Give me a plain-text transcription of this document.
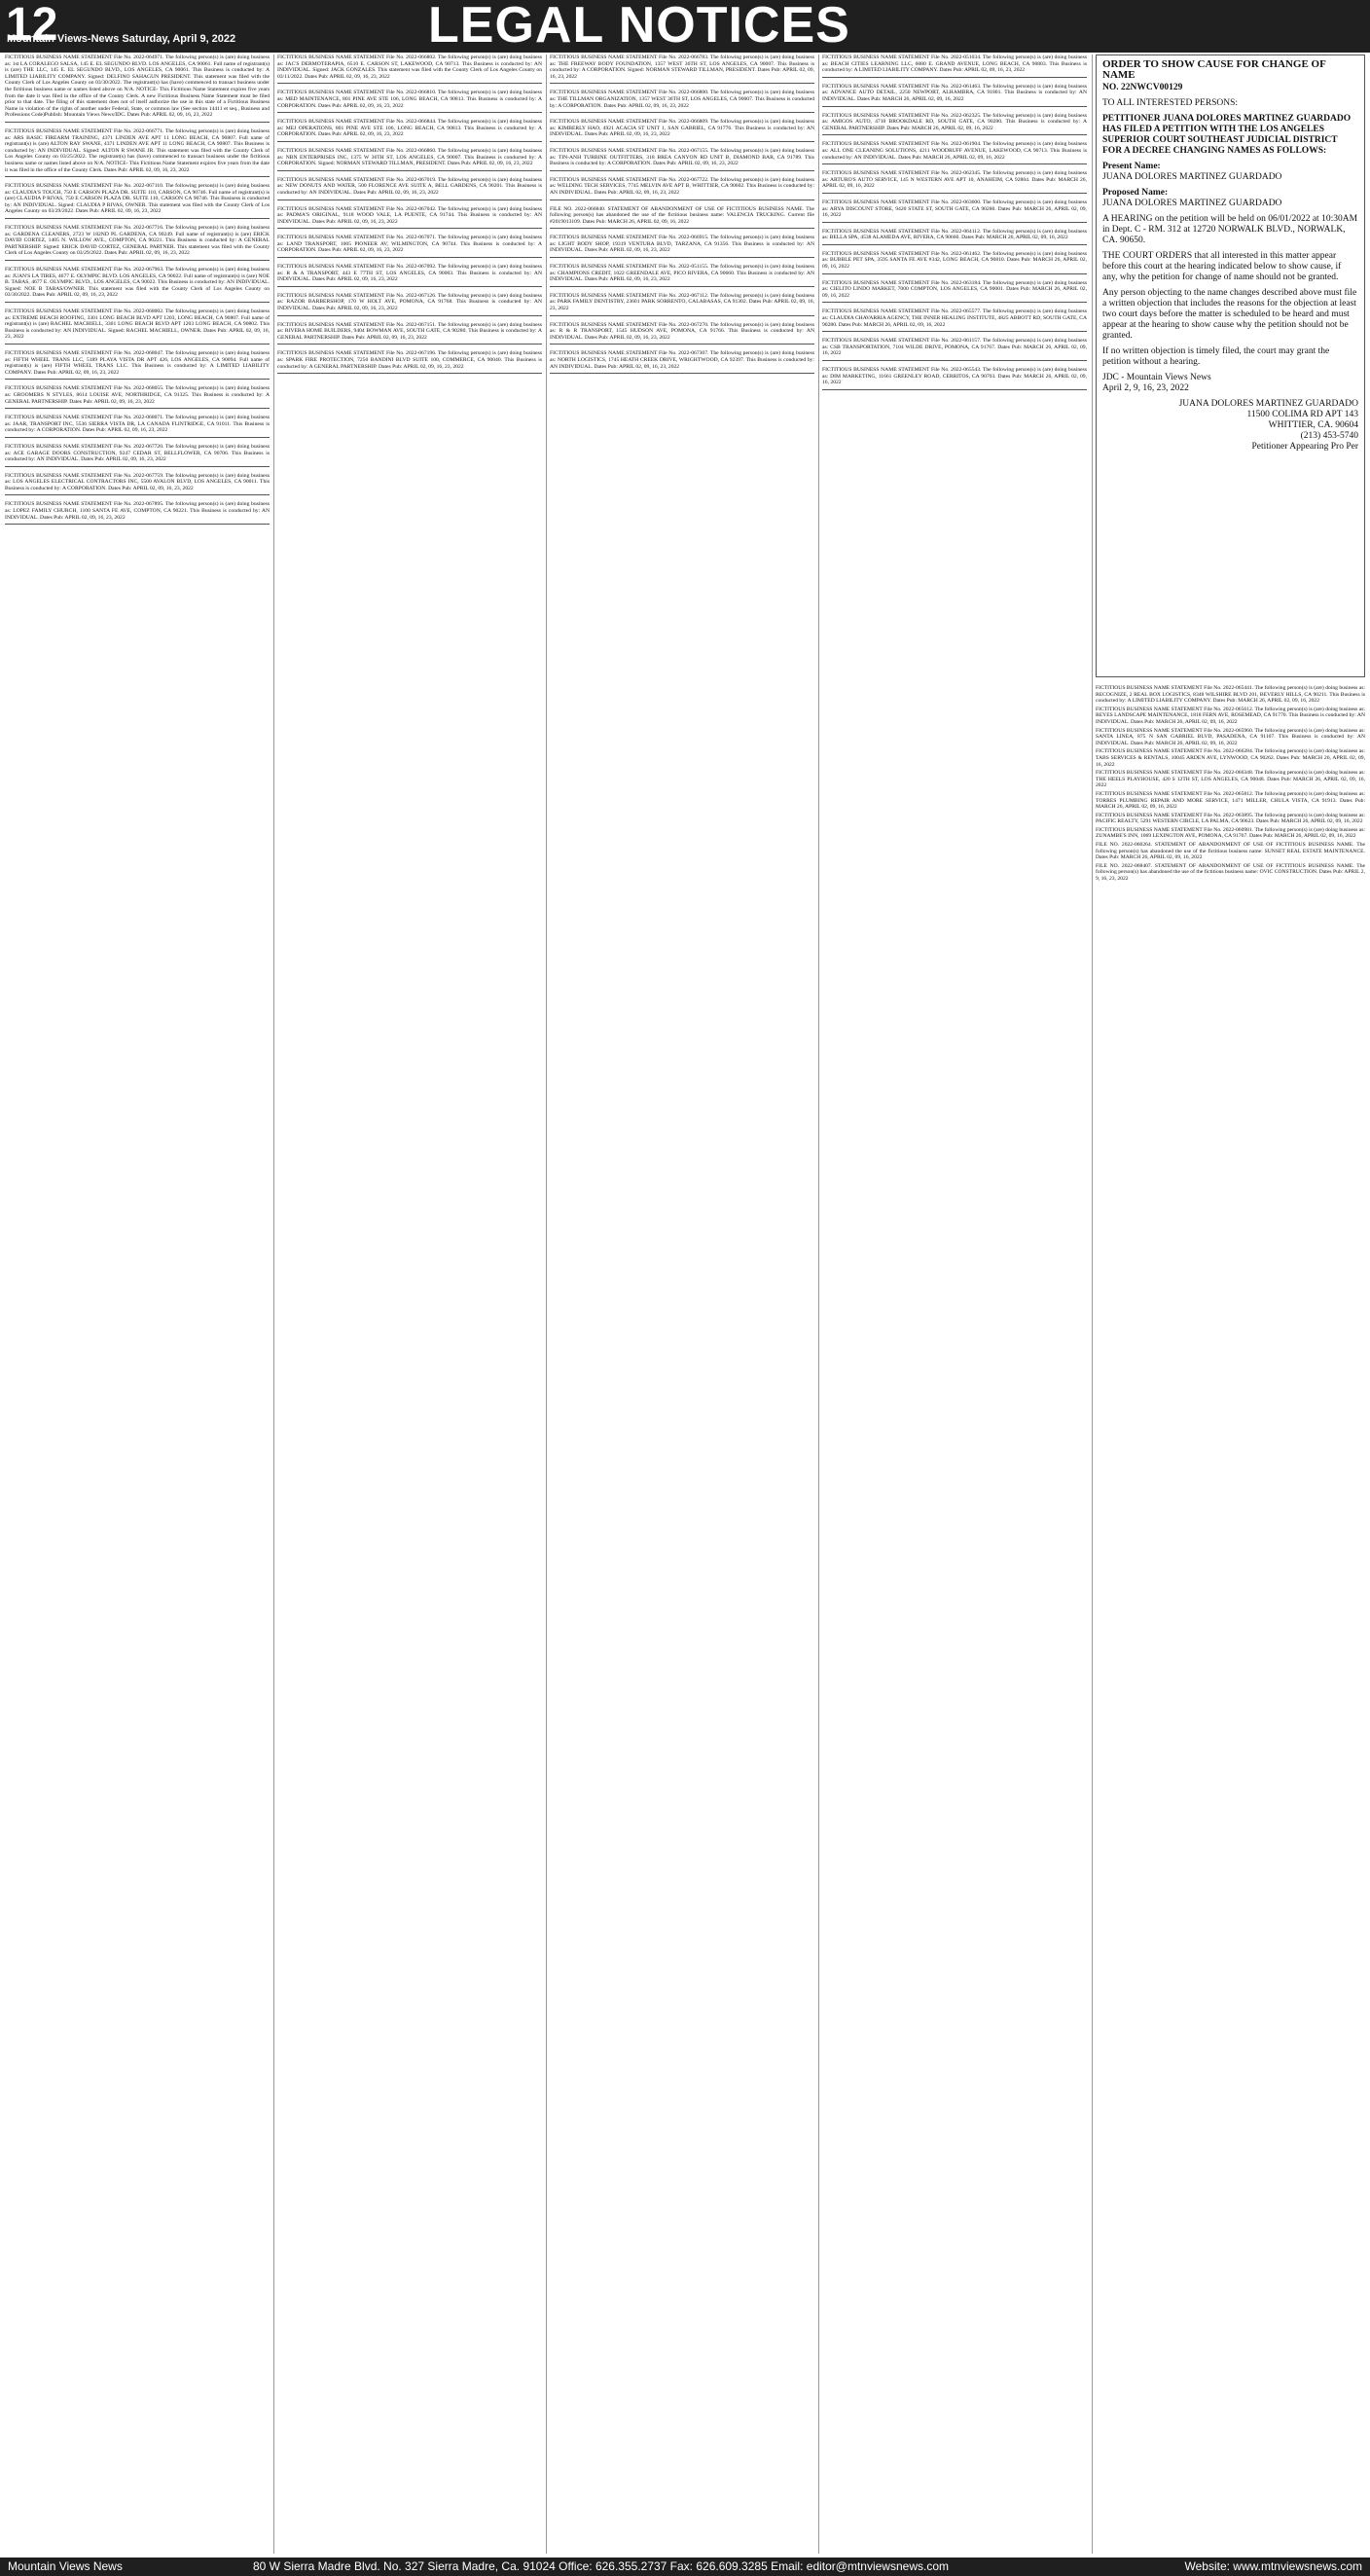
12
Mountain Views-News Saturday, April 9, 2022	LEGAL NOTICES

FICTITIOUS BUSINESS NAME STATEMENT File No. 2022-064971. The following person(s) is (are) doing business as: 1st LA CORALEGO SALSA, 145 E. EL SEGUNDO BLVD. LOS ANGELES, CA 90061. Full name of registrant(s) is (are) THE LLC, 145 E. EL SEGUNDO BLVD., LOS ANGELES, CA 90061. This Business is conducted by: A LIMITED LIABILITY COMPANY. Signed: DELFINO SAHAGUN PRESIDENT. This statement was filed with the County Clerk of Los Angeles County on 03/30/2022. The registrant(s) has (have) commenced to transact business under the fictitious business name or names listed above on N/A. NOTICE- This Fictitious Name Statement expires five years from the date it was filed in the office of the County Clerk. A new Fictitious Business Name Statement must be filed prior to that date. The filing of this statement does not of itself authorize the use in this state of a Fictitious Business Name in violation of the rights of another under Federal, State, or common law (See section 14411 et seq., Business and Professions Code)Publish: Mountain Views News/IDC. Dates Pub: APRIL 02, 09, 16, 23, 2022

FICTITIOUS BUSINESS NAME STATEMENT File No. 2022-066771. The following person(s) is (are) doing business as: ARS BASIC FIREARM TRAINING, 4371 LINDEN AVE APT 11 LONG BEACH, CA 90807. Full name of registrant(s) is (are) ALTON RAY SWANE, 4371 LINDEN AVE APT 11 LONG BEACH, CA 90807. This Business is conducted by: AN INDIVIDUAL. Signed: ALTON R SWANE JR. This statement was filed with the County Clerk of Los Angeles County on 03/25/2022. The registrant(s) has (have) commenced to transact business under the fictitious business name or names listed above on N/A. NOTICE- This Fictitious Name Statement expires five years from the date it was filed in the office of the County Clerk. Dates Pub: APRIL 02, 09, 16, 23, 2022

FICTITIOUS BUSINESS NAME STATEMENT File No. 2022-067110. The following person(s) is (are) doing business as: CLAUDIA'S TOUCH, 750 E CARSON PLAZA DR. SUITE 110, CARSON, CA 90746. Full name of registrant(s) is (are) CLAUDIA P RIVAS, 750 E CARSON PLAZA DR. SUITE 110, CARSON CA 90746. This Business is conducted by: AN INDIVIDUAL. Signed: CLAUDIA P RIVAS, OWNER. This statement was filed with the County Clerk of Los Angeles County on 03/29/2022. Dates Pub: APRIL 02, 09, 16, 23, 2022

FICTITIOUS BUSINESS NAME STATEMENT File No. 2022-067716. The following person(s) is (are) doing business as: GARDENA CLEANERS, 2723 W 182ND PL GARDENA, CA 90249. Full name of registrant(s) is (are) ERICK DAVID CORTEZ, 1405 N. WILLOW AVE., COMPTON, CA 90221. This Business is conducted by: A GENERAL PARTNERSHIP. Signed: ERICK DAVID CORTEZ, GENERAL PARTNER. This statement was filed with the County Clerk of Los Angeles County on 03/29/2022. Dates Pub: APRIL 02, 09, 16, 23, 2022

FICTITIOUS BUSINESS NAME STATEMENT File No. 2022-067963. The following person(s) is (are) doing business as: JUAN'S LA TIRES, 4677 E. OLYMPIC BLVD. LOS ANGELES, CA 90022. Full name of registrant(s) is (are) NOE B. TABAS, 4677 E. OLYMPIC BLVD., LOS ANGELES, CA 90022. This Business is conducted by: AN INDIVIDUAL. Signed: NOE B TABAS/OWNER. This statement was filed with the County Clerk of Los Angeles County on 03/30/2022. Dates Pub: APRIL 02, 09, 16, 23, 2022

FICTITIOUS BUSINESS NAME STATEMENT File No. 2022-068002. The following person(s) is (are) doing business as: EXTREME BEACH ROOFING, 3301 LONG BEACH BLVD APT 1203, LONG BEACH, CA 90807. Full name of registrant(s) is (are) RACHEL MACHIELL, 3301 LONG BEACH BLVD APT 1203 LONG BEACH, CA 90802. This Business is conducted by: AN INDIVIDUAL. Signed: RACHEL MACHIELL, OWNER. Dates Pub: APRIL 02, 09, 16, 23, 2022

FICTITIOUS BUSINESS NAME STATEMENT File No. 2022-068047. The following person(s) is (are) doing business as: FIFTH WHEEL TRANS LLC, 5189 PLAYA VISTA DR APT 426, LOS ANGELES, CA 90094. Full name of registrant(s) is (are) FIFTH WHEEL TRANS LLC. This Business is conducted by: A LIMITED LIABILITY COMPANY. Dates Pub: APRIL 02, 09, 16, 23, 2022

FICTITIOUS BUSINESS NAME STATEMENT File No. 2022-068055. The following person(s) is (are) doing business as: GROOMERS N STYLES, 8614 LOUISE AVE, NORTHRIDGE, CA 91325. This Business is conducted by: A GENERAL PARTNERSHIP. Dates Pub: APRIL 02, 09, 16, 23, 2022

FICTITIOUS BUSINESS NAME STATEMENT File No. 2022-068071. The following person(s) is (are) doing business as: JAAR, TRANSPORT INC, 5536 SIERRA VISTA DR, LA CANADA FLINTRIDGE, CA 91011. This Business is conducted by: A CORPORATION. Dates Pub: APRIL 02, 09, 16, 23, 2022

FICTITIOUS BUSINESS NAME STATEMENT File No. 2022-067720. The following person(s) is (are) doing business as: ACE GARAGE DOORS CONSTRUCTION, 9247 CEDAR ST, BELLFLOWER, CA 90706. This Business is conducted by: AN INDIVIDUAL. Dates Pub: APRIL 02, 09, 16, 23, 2022

FICTITIOUS BUSINESS NAME STATEMENT File No. 2022-067759. The following person(s) is (are) doing business as: LOS ANGELES ELECTRICAL CONTRACTORS INC, 5500 AVALON BLVD, LOS ANGELES, CA 90011. This Business is conducted by: A CORPORATION. Dates Pub: APRIL 02, 09, 16, 23, 2022

FICTITIOUS BUSINESS NAME STATEMENT File No. 2022-067895. The following person(s) is (are) doing business as: LOPEZ FAMILY CHURCH, 1100 SANTA FE AVE, COMPTON, CA 90221. This Business is conducted by: AN INDIVIDUAL. Dates Pub: APRIL 02, 09, 16, 23, 2022

FICTITIOUS BUSINESS NAME STATEMENT File No. 2022-066802. The following person(s) is (are) doing business as: JAC'S DERMOTERAPIA, 6510 E. CARSON ST, LAKEWOOD, CA 90713. This Business is conducted by: AN INDIVIDUAL. Signed: JACK GONZALES. This statement was filed with the County Clerk of Los Angeles County on 03/11/2022. Dates Pub: APRIL 02, 09, 16, 23, 2022

FICTITIOUS BUSINESS NAME STATEMENT File No. 2022-066810. The following person(s) is (are) doing business as: MED MAINTENANCE, 801 PINE AVE STE 106, LONG BEACH, CA 90813. This Business is conducted by: A CORPORATION. Dates Pub: APRIL 02, 09, 16, 23, 2022

FICTITIOUS BUSINESS NAME STATEMENT File No. 2022-066844. The following person(s) is (are) doing business as: MEJ OPERATIONS, 801 PINE AVE STE 106, LONG BEACH, CA 90813. This Business is conducted by: A CORPORATION. Dates Pub: APRIL 02, 09, 16, 23, 2022

FICTITIOUS BUSINESS NAME STATEMENT File No. 2022-066860. The following person(s) is (are) doing business as: NBN ENTERPRISES INC, 1375 W 36TH ST, LOS ANGELES, CA 90007. This Business is conducted by: A CORPORATION. Signed: NORMAN STEWARD TILLMAN, PRESIDENT. Dates Pub: APRIL 02, 09, 16, 23, 2022

FICTITIOUS BUSINESS NAME STATEMENT File No. 2022-067019. The following person(s) is (are) doing business as: NEW DONUTS AND WATER, 500 FLORENCE AVE SUITE A, BELL GARDENS, CA 90201. This Business is conducted by: AN INDIVIDUAL. Dates Pub: APRIL 02, 09, 16, 23, 2022

FICTITIOUS BUSINESS NAME STATEMENT File No. 2022-067042. The following person(s) is (are) doing business as: PADMA'S ORIGINAL, 9118 WOOD VALE, LA PUENTE, CA 91744. This Business is conducted by: AN INDIVIDUAL. Dates Pub: APRIL 02, 09, 16, 23, 2022

FICTITIOUS BUSINESS NAME STATEMENT File No. 2022-067071. The following person(s) is (are) doing business as: LAND TRANSPORT, 1005 PIONEER AV, WILMINGTON, CA 90744. This Business is conducted by: A CORPORATION. Dates Pub: APRIL 02, 09, 16, 23, 2022

FICTITIOUS BUSINESS NAME STATEMENT File No. 2022-067092. The following person(s) is (are) doing business as: R & A TRANSPORT, 443 E 77TH ST, LOS ANGELES, CA 90003. This Business is conducted by: AN INDIVIDUAL. Dates Pub: APRIL 02, 09, 16, 23, 2022

FICTITIOUS BUSINESS NAME STATEMENT File No. 2022-067126. The following person(s) is (are) doing business as: RAZOR BARBERSHOP, 170 W HOLT AVE, POMONA, CA 91768. This Business is conducted by: AN INDIVIDUAL. Dates Pub: APRIL 02, 09, 16, 23, 2022

FICTITIOUS BUSINESS NAME STATEMENT File No. 2022-067151. The following person(s) is (are) doing business as: RIVERA HOME BUILDERS, 9404 BOWMAN AVE, SOUTH GATE, CA 90280. This Business is conducted by: A GENERAL PARTNERSHIP. Dates Pub: APRIL 02, 09, 16, 23, 2022

FICTITIOUS BUSINESS NAME STATEMENT File No. 2022-067196. The following person(s) is (are) doing business as: SPARK FIRE PROTECTION, 7250 BANDINI BLVD SUITE 100, COMMERCE, CA 90040. This Business is conducted by: A GENERAL PARTNERSHIP. Dates Pub: APRIL 02, 09, 16, 23, 2022

FICTITIOUS BUSINESS NAME STATEMENT File No. 2022-066783. The following person(s) is (are) doing business as: THE FREEWAY BODY FOUNDATION, 1357 WEST 36TH ST, LOS ANGELES, CA 90007. This Business is conducted by: A CORPORATION. Signed: NORMAN STEWARD TILLMAN, PRESIDENT. Dates Pub: APRIL 02, 09, 16, 23, 2022

FICTITIOUS BUSINESS NAME STATEMENT File No. 2022-066800. The following person(s) is (are) doing business as: THE TILLMAN ORGANIZATION, 1357 WEST 36TH ST, LOS ANGELES, CA 90007. This Business is conducted by: A CORPORATION. Dates Pub: APRIL 02, 09, 16, 23, 2022

FICTITIOUS BUSINESS NAME STATEMENT File No. 2022-066809. The following person(s) is (are) doing business as: KIMBERLY HAO, 4921 ACACIA ST UNIT 1, SAN GABRIEL, CA 91776. This Business is conducted by: AN INDIVIDUAL. Dates Pub: APRIL 02, 09, 16, 23, 2022

FICTITIOUS BUSINESS NAME STATEMENT File No. 2022-067155. The following person(s) is (are) doing business as: TIN-ANH TURBINE OUTFITTERS, 318 BREA CANYON RD UNIT B, DIAMOND BAR, CA 91789. This Business is conducted by: A CORPORATION. Dates Pub: APRIL 02, 09, 16, 23, 2022

FICTITIOUS BUSINESS NAME STATEMENT File No. 2022-067722. The following person(s) is (are) doing business as: WELDING TECH SERVICES, 7745 MELVIN AVE APT B, WHITTIER, CA 90602. This Business is conducted by: AN INDIVIDUAL. Dates Pub: APRIL 02, 09, 16, 23, 2022

FILE NO. 2022-066840. STATEMENT OF ABANDONMENT OF USE OF FICTITIOUS BUSINESS NAME. The following person(s) has abandoned the use of the fictitious business name: VALENCIA TRUCKING. Current file #2019013109. Dates Pub: MARCH 26, APRIL 02, 09, 16, 2022

FICTITIOUS BUSINESS NAME STATEMENT File No. 2022-066915. The following person(s) is (are) doing business as: LIGHT BODY SHOP, 19319 VENTURA BLVD, TARZANA, CA 91356. This Business is conducted by: AN INDIVIDUAL. Dates Pub: APRIL 02, 09, 16, 23, 2022

FICTITIOUS BUSINESS NAME STATEMENT File No. 2022-051155. The following person(s) is (are) doing business as: CHAMPIONS CREDIT, 1022 GREENDALE AVE, PICO RIVERA, CA 90660. This Business is conducted by: AN INDIVIDUAL. Dates Pub: APRIL 02, 09, 16, 23, 2022

FICTITIOUS BUSINESS NAME STATEMENT File No. 2022-067112. The following person(s) is (are) doing business as: PARK FAMILY DENTISTRY, 23601 PARK SORRENTO, CALABASAS, CA 91302. Dates Pub: APRIL 02, 09, 16, 23, 2022

FICTITIOUS BUSINESS NAME STATEMENT File No. 2022-067270. The following person(s) is (are) doing business as: R & R TRANSPORT, 1545 HUDSON AVE, POMONA, CA 91766. This Business is conducted by: AN INDIVIDUAL. Dates Pub: APRIL 02, 09, 16, 23, 2022

FICTITIOUS BUSINESS NAME STATEMENT File No. 2022-067307. The following person(s) is (are) doing business as: NORTH LOGISTICS, 1745 HEATH CREEK DRIVE, WRIGHTWOOD, CA 92397. This Business is conducted by: AN INDIVIDUAL. Dates Pub: APRIL 02, 09, 16, 23, 2022

FICTITIOUS BUSINESS NAME STATEMENT File No. 2022-051034. The following person(s) is (are) doing business as: BEACH CITIES LEARNING LLC, 6080 E. GRAND AVENUE, LONG BEACH, CA 90803. This Business is conducted by: A LIMITED LIABILITY COMPANY. Dates Pub: APRIL 02, 09, 16, 23, 2022

FICTITIOUS BUSINESS NAME STATEMENT File No. 2022-061463. The following person(s) is (are) doing business as: ADVANCE AUTO DETAIL, 2250 NEWPORT, ALHAMBRA, CA 91801. This Business is conducted by: AN INDIVIDUAL. Dates Pub: MARCH 26, APRIL 02, 09, 16, 2022

FICTITIOUS BUSINESS NAME STATEMENT File No. 2022-062325. The following person(s) is (are) doing business as: AMIGOS AUTO, 4710 BROOKDALE RD, SOUTH GATE, CA 90280. This Business is conducted by: A GENERAL PARTNERSHIP. Dates Pub: MARCH 26, APRIL 02, 09, 16, 2022

FICTITIOUS BUSINESS NAME STATEMENT File No. 2022-061904. The following person(s) is (are) doing business as: ALL ONE CLEANING SOLUTIONS, 4211 WOODRUFF AVENUE, LAKEWOOD, CA 90713. This Business is conducted by: AN INDIVIDUAL. Dates Pub: MARCH 26, APRIL 02, 09, 16, 2022

FICTITIOUS BUSINESS NAME STATEMENT File No. 2022-062345. The following person(s) is (are) doing business as: ARTURO'S AUTO SERVICE, 145 N WESTERN AVE APT 10, ANAHEIM, CA 92804. Dates Pub: MARCH 26, APRIL 02, 09, 16, 2022

FICTITIOUS BUSINESS NAME STATEMENT File No. 2022-063600. The following person(s) is (are) doing business as: ARYA DISCOUNT STORE, 9420 STATE ST, SOUTH GATE, CA 90280. Dates Pub: MARCH 26, APRIL 02, 09, 16, 2022

FICTITIOUS BUSINESS NAME STATEMENT File No. 2022-064112. The following person(s) is (are) doing business as: BELLA SPA, 4538 ALAMEDA AVE, RIVERA, CA 90660. Dates Pub: MARCH 26, APRIL 02, 09, 16, 2022

FICTITIOUS BUSINESS NAME STATEMENT File No. 2022-061462. The following person(s) is (are) doing business as: BUBBLE PET SPA, 3595 SANTA FE AVE #342, LONG BEACH, CA 90810. Dates Pub: MARCH 26, APRIL 02, 09, 16, 2022

FICTITIOUS BUSINESS NAME STATEMENT File No. 2022-063184. The following person(s) is (are) doing business as: CIELITO LINDO MARKET, 7000 COMPTON, LOS ANGELES, CA 90001. Dates Pub: MARCH 26, APRIL 02, 09, 16, 2022

FICTITIOUS BUSINESS NAME STATEMENT File No. 2022-065577. The following person(s) is (are) doing business as: CLAUDIA CHAVARRIA AGENCY, THE INNER HEALING INSTITUTE, 4825 ABBOTT RD, SOUTH GATE, CA 90280. Dates Pub: MARCH 26, APRIL 02, 09, 16, 2022

FICTITIOUS BUSINESS NAME STATEMENT File No. 2022-061157. The following person(s) is (are) doing business as: CSB TRANSPORTATION, 7104 WILDE DRIVE, POMONA, CA 91767. Dates Pub: MARCH 26, APRIL 02, 09, 16, 2022

FICTITIOUS BUSINESS NAME STATEMENT File No. 2022-065543. The following person(s) is (are) doing business as: DIM MARKETING, 11661 GREENLEY ROAD, CERRITOS, CA 90703. Dates Pub: MARCH 26, APRIL 02, 09, 16, 2022

ORDER TO SHOW CAUSE FOR CHANGE OF NAME

NO. 22NWCV00129

TO ALL INTERESTED PERSONS:

PETITIONER JUANA DOLORES MARTINEZ GUARDADO HAS FILED A PETITION WITH THE LOS ANGELES SUPERIOR COURT SOUTHEAST JUDICIAL DISTRICT FOR A DECREE CHANGING NAMES AS FOLLOWS:

Present Name:

JUANA DOLORES MARTINEZ GUARDADO

Proposed Name:

JUANA DOLORES MARTINEZ GUARDADO

A HEARING on the petition will be held on 06/01/2022 at 10:30AM in Dept. C - RM. 312 at 12720 NORWALK BLVD., NORWALK, CA. 90650.

THE COURT ORDERS that all interested in this matter appear before this court at the hearing indicated below to show cause, if any, why the petition for change of name should not be granted.

Any person objecting to the name changes described above must file a written objection that includes the reasons for the objection at least two court days before the matter is scheduled to be heard and must appear at the hearing to show cause why the petition should not be granted.

If no written objection is timely filed, the court may grant the petition without a hearing.

JDC - Mountain Views News

April 2, 9, 16, 23, 2022

JUANA DOLORES MARTINEZ GUARDADO
11500 COLIMA RD APT 143
WHITTIER, CA. 90604
(213) 453-5740
Petitioner Appearing Pro Per

FICTITIOUS BUSINESS NAME STATEMENT File No. 2022-065441. The following person(s) is (are) doing business as: RECOGNIZE, 2 REAL BOX LOGISTICS, 8348 WILSHIRE BLVD 201, BEVERLY HILLS, CA 90211. This Business is conducted by: A LIMITED LIABILITY COMPANY. Dates Pub: MARCH 26, APRIL 02, 09, 16, 2022

FICTITIOUS BUSINESS NAME STATEMENT File No. 2022-065612. The following person(s) is (are) doing business as: REYES LANDSCAPE MAINTENANCE, 1818 FERN AVE, ROSEMEAD, CA 91770. This Business is conducted by: AN INDIVIDUAL. Dates Pub: MARCH 26, APRIL 02, 09, 16, 2022

FICTITIOUS BUSINESS NAME STATEMENT File No. 2022-065960. The following person(s) is (are) doing business as: SANTA LINEA, 875 N SAN GABRIEL BLVD, PASADENA, CA 91107. This Business is conducted by: AN INDIVIDUAL. Dates Pub: MARCH 26, APRIL 02, 09, 16, 2022

FICTITIOUS BUSINESS NAME STATEMENT File No. 2022-066284. The following person(s) is (are) doing business as: TABS SERVICES & RENTALS, 10045 ARDEN AVE, LYNWOOD, CA 90262. Dates Pub: MARCH 26, APRIL 02, 09, 16, 2022

FICTITIOUS BUSINESS NAME STATEMENT File No. 2022-066348. The following person(s) is (are) doing business as: THE HEELS PLAYHOUSE, 420 S 12TH ST, LOS ANGELES, CA 90048. Dates Pub: MARCH 26, APRIL 02, 09, 16, 2022

FICTITIOUS BUSINESS NAME STATEMENT File No. 2022-065812. The following person(s) is (are) doing business as: TORRES PLUMBING REPAIR AND MORE SERVICE, 1471 MILLER, CHULA VISTA, CA 91913. Dates Pub: MARCH 26, APRIL 02, 09, 16, 2022

FICTITIOUS BUSINESS NAME STATEMENT File No. 2022-063895. The following person(s) is (are) doing business as: PACIFIC REALTY, 5291 WESTERN CIRCLE, LA PALMA, CA 90623. Dates Pub: MARCH 26, APRIL 02, 09, 16, 2022

FICTITIOUS BUSINESS NAME STATEMENT File No. 2022-060981. The following person(s) is (are) doing business as: ZUNAMBE'S INN, 1069 LEXINGTON AVE, POMONA, CA 91767. Dates Pub: MARCH 26, APRIL 02, 09, 16, 2022

FILE NO. 2022-060264. STATEMENT OF ABANDONMENT OF USE OF FICTITIOUS BUSINESS NAME. The following person(s) has abandoned the use of the fictitious business name: SUNSET REAL ESTATE MAINTENANCE. Dates Pub: MARCH 26, APRIL 02, 09, 16, 2022

FILE NO. 2022-068407. STATEMENT OF ABANDONMENT OF USE OF FICTITIOUS BUSINESS NAME. The following person(s) has abandoned the use of the fictitious business name: OVIC CONSTRUCTION. Dates Pub: APRIL 2, 9, 16, 23, 2022

Mountain Views News	80 W Sierra Madre Blvd. No. 327 Sierra Madre, Ca. 91024 Office: 626.355.2737 Fax: 626.609.3285 Email: editor@mtnviewsnews.com	Website: www.mtnviewsnews.com
